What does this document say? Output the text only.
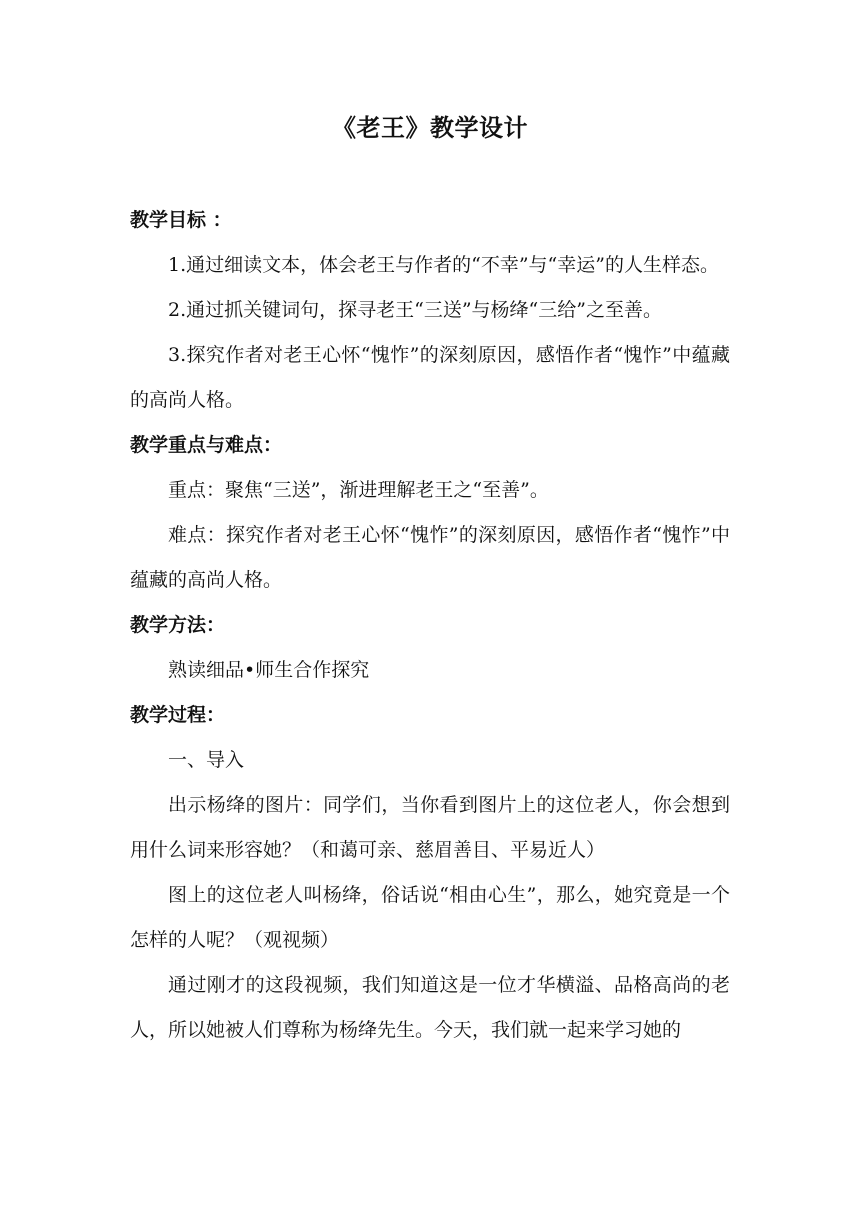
《老王》教学设计

教学目标 ：

1.通过细读文本，体会老王与作者的“不幸”与“幸运”的人生样态。

2.通过抓关键词句，探寻老王“三送”与杨绛“三给”之至善。

3.探究作者对老王心怀“愧怍”的深刻原因，感悟作者“愧怍”中蕴藏的高尚人格。

教学重点与难点：

重点：聚焦“三送”，渐进理解老王之“至善”。

难点：探究作者对老王心怀“愧怍”的深刻原因，感悟作者“愧怍”中蕴藏的高尚人格。

教学方法：

熟读细品•师生合作探究

教学过程：

一、导入

出示杨绛的图片：同学们，当你看到图片上的这位老人，你会想到用什么词来形容她？（和蔼可亲、慈眉善目、平易近人）

图上的这位老人叫杨绛，俗话说“相由心生”，那么，她究竟是一个怎样的人呢？（观视频）

通过刚才的这段视频，我们知道这是一位才华横溢、品格高尚的老人，所以她被人们尊称为杨绛先生。今天，我们就一起来学习她的
